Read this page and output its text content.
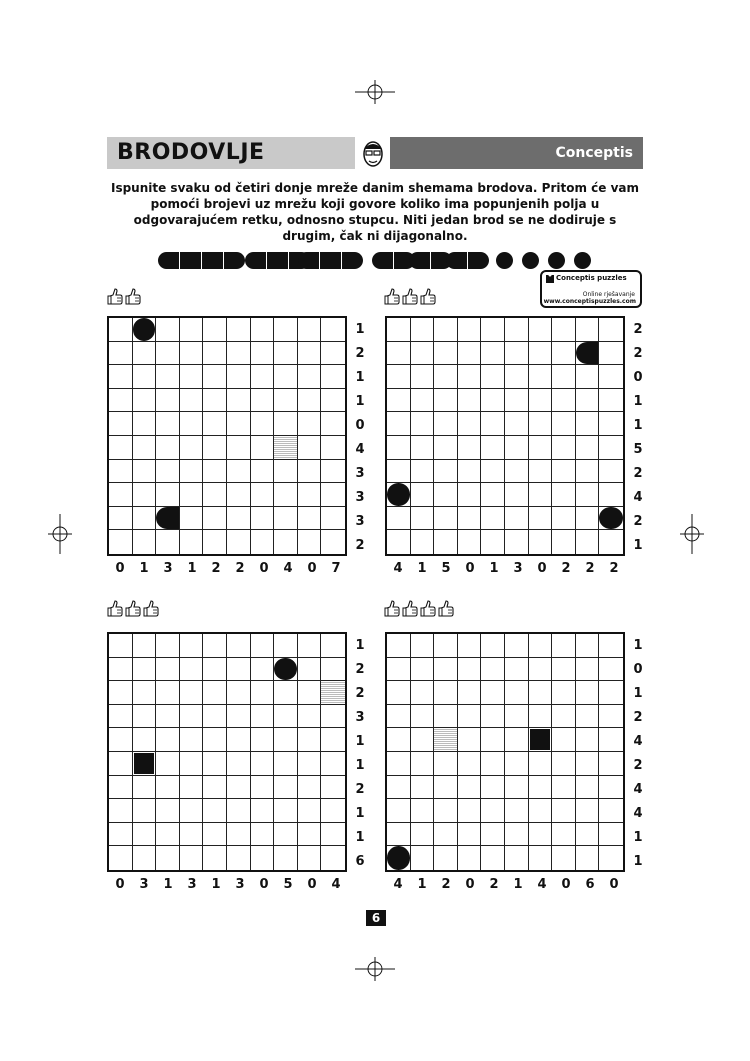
BRODOVLJE	Conceptis
Ispunite svaku od četiri donje mreže danim shemama brodova. Pritom će vam pomoći brojevi uz mrežu koji govore koliko ima popunjenih polja u odgovarajućem retku, odnosno stupcu. Niti jedan brod se ne dodiruje s drugim, čak ni dijagonalno.
Conceptis puzzles
Online rješavanje
www.conceptispuzzles.com
1
2
1
1
0
4
3
3
3
2
0	1	3	1	2	2	0	4	0	7
2
2
0
1
1
5
2
4
2
1
4	1	5	0	1	3	0	2	2	2
1
2
2
3
1
1
2
1
1
6
0	3	1	3	1	3	0	5	0	4
1
0
1
2
4
2
4
4
1
1
4	1	2	0	2	1	4	0	6	0
6
